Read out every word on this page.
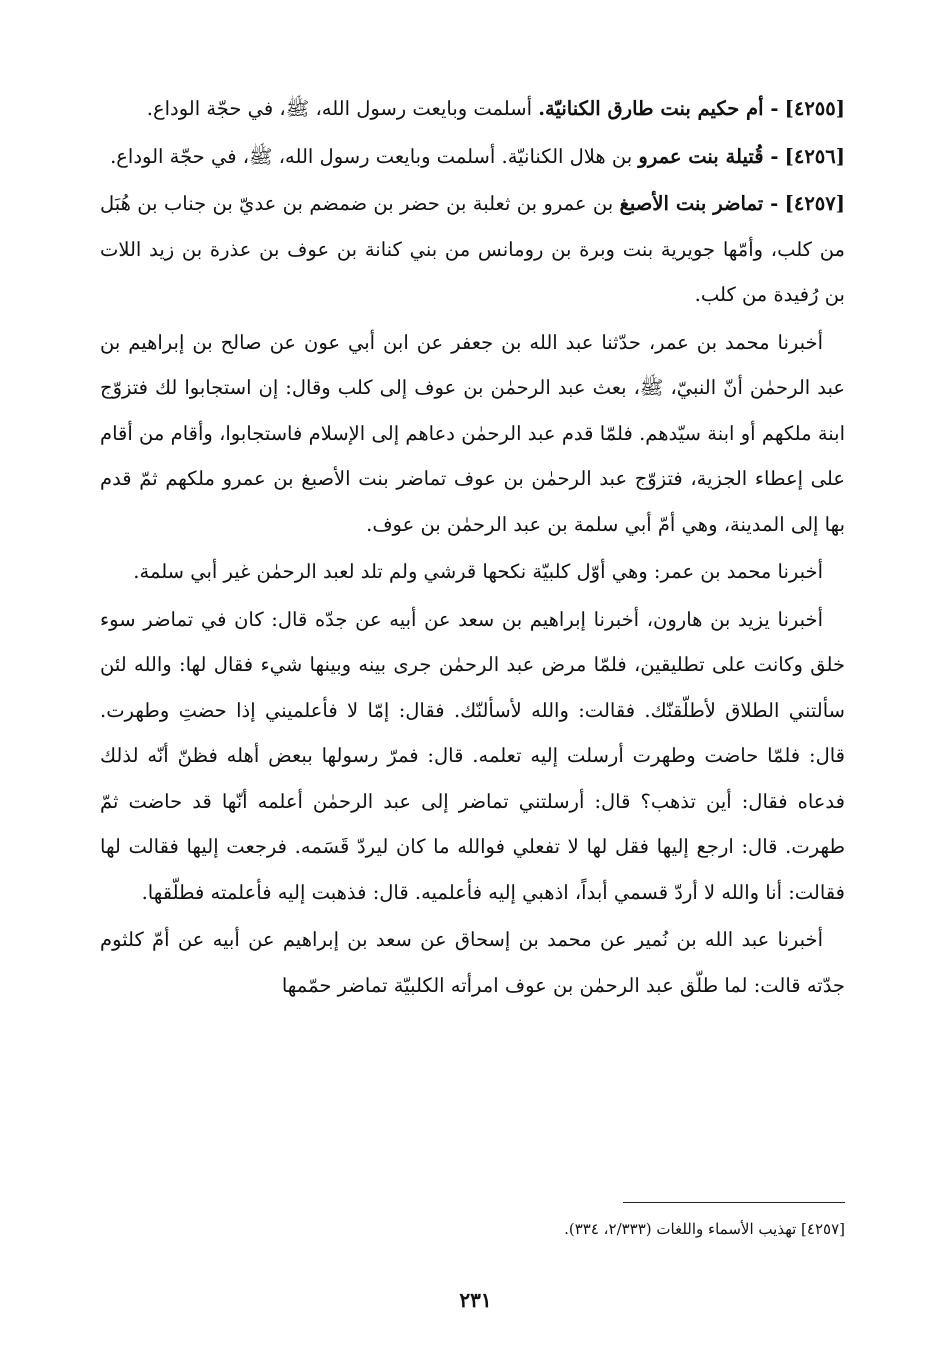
[٤٢٥٥] - أم حكيم بنت طارق الكنانيّة. أسلمت وبايعت رسول الله، ﷺ، في حجّة الوداع.

[٤٢٥٦] - قُتيلة بنت عمرو بن هلال الكنانيّة. أسلمت وبايعت رسول الله، ﷺ، في حجّة الوداع.

[٤٢٥٧] - تماضر بنت الأصبغ بن عمرو بن ثعلبة بن حضر بن ضمضم بن عديّ بن جناب بن هُبَل من كلب، وأمّها جويرية بنت وبرة بن رومانس من بني كنانة بن عوف بن عذرة بن زيد اللات بن رُفيدة من كلب.

أخبرنا محمد بن عمر، حدّثنا عبد الله بن جعفر عن ابن أبي عون عن صالح بن إبراهيم بن عبد الرحمٰن أنّ النبيّ، ﷺ، بعث عبد الرحمٰن بن عوف إلى كلب وقال: إن استجابوا لك فتزوّج ابنة ملكهم أو ابنة سيّدهم. فلمّا قدم عبد الرحمٰن دعاهم إلى الإسلام فاستجابوا، وأقام من أقام على إعطاء الجزية، فتزوّج عبد الرحمٰن بن عوف تماضر بنت الأصبغ بن عمرو ملكهم ثمّ قدم بها إلى المدينة، وهي أمّ أبي سلمة بن عبد الرحمٰن بن عوف.

أخبرنا محمد بن عمر: وهي أوّل كلبيّة نكحها قرشي ولم تلد لعبد الرحمٰن غير أبي سلمة.

أخبرنا يزيد بن هارون، أخبرنا إبراهيم بن سعد عن أبيه عن جدّه قال: كان في تماضر سوء خلق وكانت على تطليقين، فلمّا مرض عبد الرحمٰن جرى بينه وبينها شيء فقال لها: والله لئن سألتني الطلاق لأطلّقنّك. فقالت: والله لأسألنّك. فقال: إمّا لا فأعلميني إذا حضتِ وطهرت. قال: فلمّا حاضت وطهرت أرسلت إليه تعلمه. قال: فمرّ رسولها ببعض أهله فظنّ أنّه لذلك فدعاه فقال: أين تذهب؟ قال: أرسلتني تماضر إلى عبد الرحمٰن أعلمه أنّها قد حاضت ثمّ طهرت. قال: ارجع إليها فقل لها لا تفعلي فوالله ما كان ليردّ قَسَمه. فرجعت إليها فقالت لها فقالت: أنا والله لا أردّ قسمي أبداً، اذهبي إليه فأعلميه. قال: فذهبت إليه فأعلمته فطلّقها.

أخبرنا عبد الله بن نُمير عن محمد بن إسحاق عن سعد بن إبراهيم عن أبيه عن أمّ كلثوم جدّته قالت: لما طلّق عبد الرحمٰن بن عوف امرأته الكلبيّة تماضر حمّمها

[٤٢٥٧] تهذيب الأسماء واللغات (٢/٣٣٣، ٣٣٤).
٢٣١
